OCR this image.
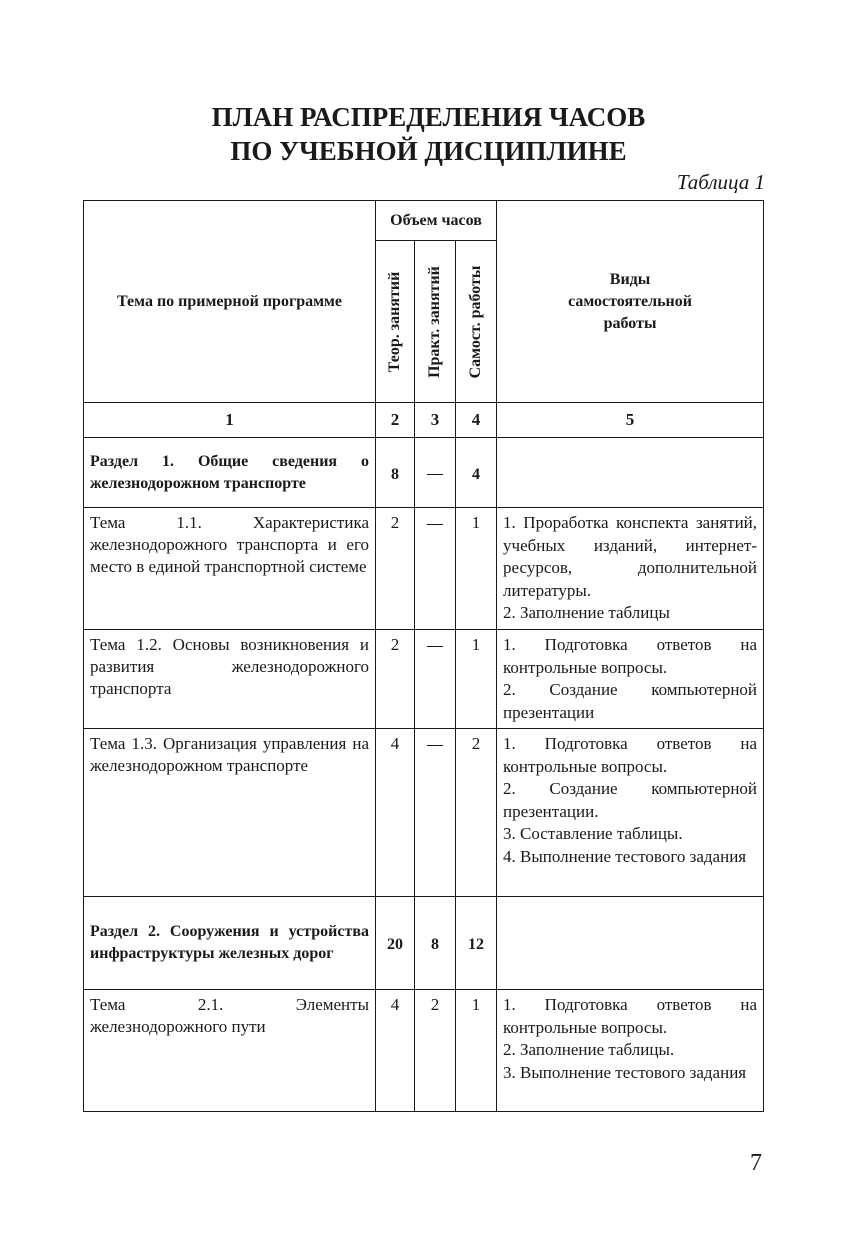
ПЛАН РАСПРЕДЕЛЕНИЯ ЧАСОВ
ПО УЧЕБНОЙ ДИСЦИПЛИНЕ
Таблица 1
Тема по примерной программе	Объем часов			Виды
самостоятельной
работы

	Теор. занятий	Практ. занятий	Самост. работы	

1	2	3	4	5
Раздел 1. Общие сведения о железнодорожном транспорте	8		4	
Тема 1.1. Характеристика железнодорожного транспорта и его место в единой транспортной системе	2		1	1. Проработка конспекта занятий, учебных изданий, интернет-ресурсов, дополнительной литературы.
2. Заполнение таблицы

Тема 1.2. Основы возникновения и развития железнодорожного транспорта	2		1	1. Подготовка ответов на контрольные вопросы.
2. Создание компьютерной презентации

Тема 1.3. Организация управления на железнодорожном транспорте	4		2	1. Подготовка ответов на контрольные вопросы.
2. Создание компьютерной презентации.
3. Составление таблицы.
4. Выполнение тестового задания

Раздел 2. Сооружения и устройства инфраструктуры железных дорог	20	8	12	
Тема 2.1. Элементы железнодорожного пути	4	2	1	1. Подготовка ответов на контрольные вопросы.
2. Заполнение таблицы.
3. Выполнение тестового задания
7
